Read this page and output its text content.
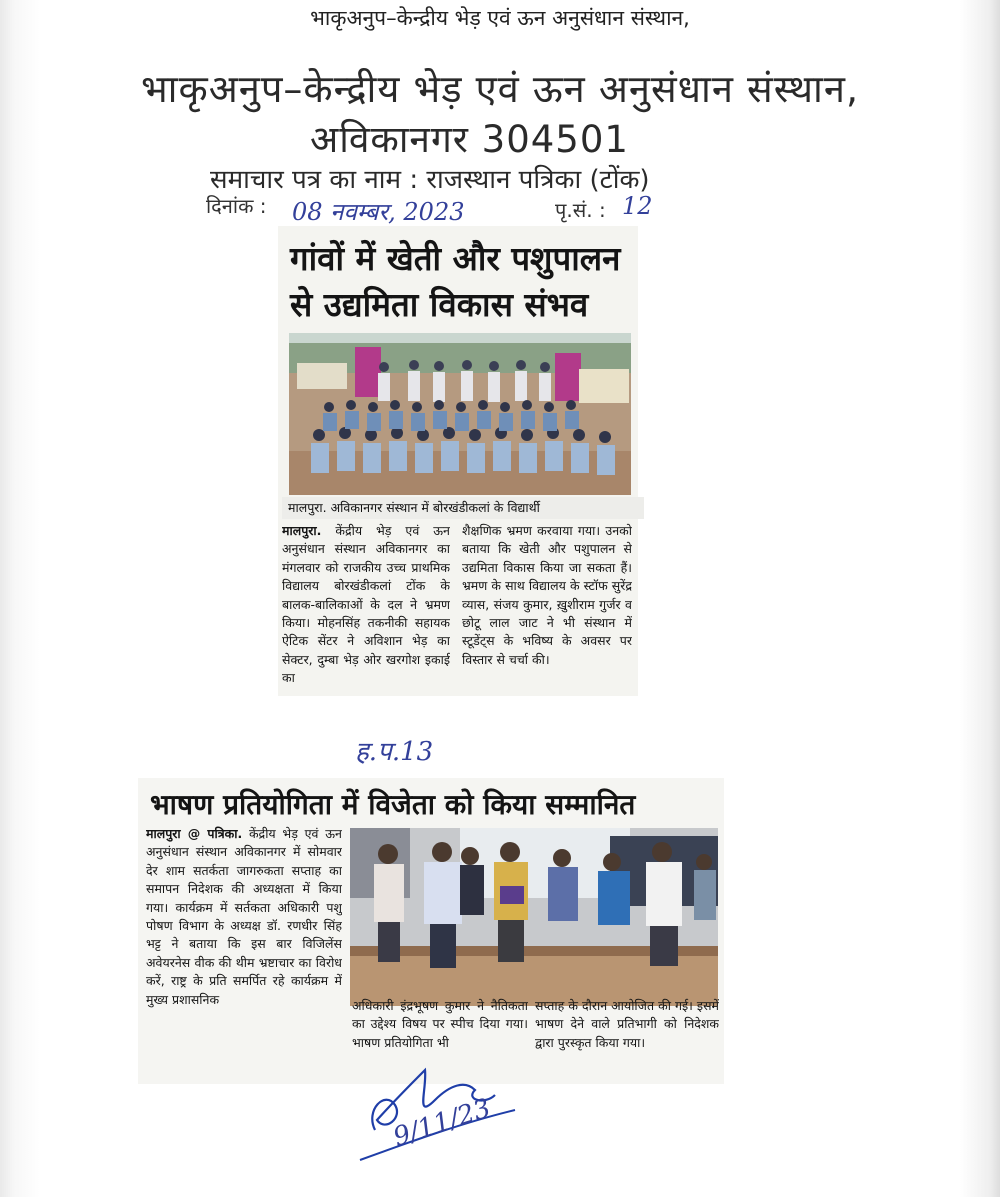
भाकृअनुप–केन्द्रीय भेड़ एवं ऊन अनुसंधान संस्थान,
भाकृअनुप–केन्द्रीय भेड़ एवं ऊन अनुसंधान संस्थान,
अविकानगर 304501
समाचार पत्र का नाम : राजस्थान पत्रिका (टोंक)
दिनांक : 08 नवम्बर, 2023	पृ.सं. : 12
गांवों में खेती और पशुपालन
से उद्यमिता विकास संभव
मालपुरा. अविकानगर संस्थान में बोरखंडीकलां के विद्यार्थी
मालपुरा. केंद्रीय भेड़ एवं ऊन अनुसंधान संस्थान अविकानगर का मंगलवार को राजकीय उच्च प्राथमिक विद्यालय बोरखंडीकलां टोंक के बालक-बालिकाओं के दल ने भ्रमण किया। मोहनसिंह तकनीकी सहायक ऐटिक सेंटर ने अविशान भेड़ का सेक्टर, दुम्बा भेड़ ओर खरगोश इकाई का
शैक्षणिक भ्रमण करवाया गया। उनको बताया कि खेती और पशुपालन से उद्यमिता विकास किया जा सकता हैं। भ्रमण के साथ विद्यालय के स्टॉफ सुरेंद्र व्यास, संजय कुमार, ख़ुशीराम गुर्जर व छोटू लाल जाट ने भी संस्थान में स्टूडेंट्स के भविष्य के अवसर पर विस्तार से चर्चा की।
ह.प.13
भाषण प्रतियोगिता में विजेता को किया सम्मानित
मालपुरा @ पत्रिका. केंद्रीय भेड़ एवं ऊन अनुसंधान संस्थान अविकानगर में सोमवार देर शाम सतर्कता जागरुकता सप्ताह का समापन निदेशक की अध्यक्षता में किया गया। कार्यक्रम में सर्तकता अधिकारी पशु पोषण विभाग के अध्यक्ष डॉ. रणधीर सिंह भट्ट ने बताया कि इस बार विजिलेंस अवेयरनेस वीक की थीम भ्रष्टाचार का विरोध करें, राष्ट्र के प्रति समर्पित रहे कार्यक्रम में मुख्य प्रशासनिक	अधिकारी इंद्रभूषण कुमार ने नैतिकता का उद्देश्य विषय पर स्पीच दिया गया। भाषण प्रतियोगिता भी
सप्ताह के दौरान आयोजित की गई। इसमें भाषण देने वाले प्रतिभागी को निदेशक द्वारा पुरस्कृत किया गया।
9/11/23
